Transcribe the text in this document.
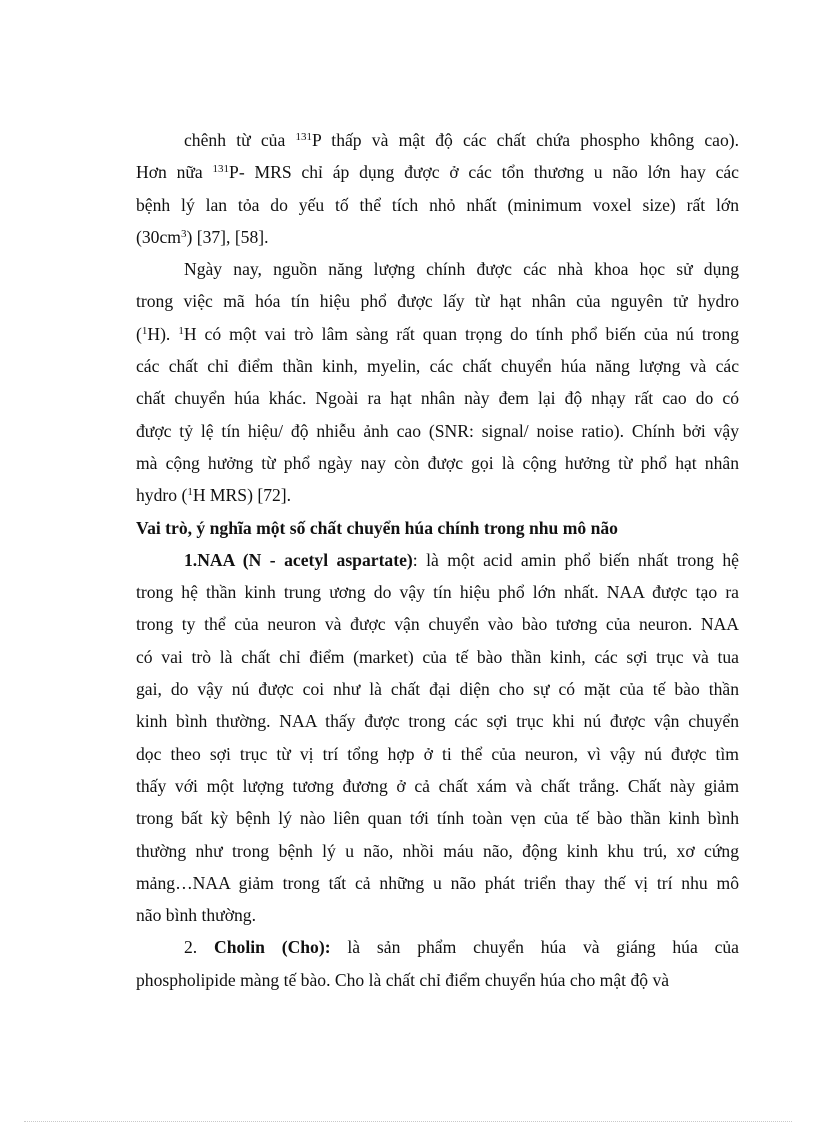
chênh từ của $^{131}$P thấp và mật độ các chất chứa phospho không cao).
Hơn nữa $^{131}$P- MRS chỉ áp dụng được ở các tổn thương u não lớn hay các
bệnh lý lan tỏa do yếu tố thể tích nhỏ nhất (minimum voxel size) rất lớn
$(30cm^3)$ [37], [58].
Ngày nay, nguồn năng lượng chính được các nhà khoa học sử dụng
trong việc mã hóa tín hiệu phổ được lấy từ hạt nhân của nguyên tử hydro
($^1$H). $^1$H có một vai trò lâm sàng rất quan trọng do tính phổ biến của nú trong
các chất chỉ điểm thần kinh, myelin, các chất chuyển húa năng lượng và các
chất chuyển húa khác. Ngoài ra hạt nhân này đem lại độ nhạy rất cao do có
được tỷ lệ tín hiệu/ độ nhiễu ảnh cao (SNR: signal/ noise ratio). Chính bởi vậy
mà cộng hưởng từ phổ ngày nay còn được gọi là cộng hưởng từ phổ hạt nhân
hydro ($^1$H MRS) [72].
Vai trò, ý nghĩa một số chất chuyển húa chính trong nhu mô não
1.NAA (N - acetyl aspartate): là một acid amin phổ biến nhất trong hệ
trong hệ thần kinh trung ương do vậy tín hiệu phổ lớn nhất. NAA được tạo ra
trong ty thể của neuron và được vận chuyển vào bào tương của neuron. NAA
có vai trò là chất chỉ điểm (market) của tế bào thần kinh, các sợi trục và tua
gai, do vậy nú được coi như là chất đại diện cho sự có mặt của tế bào thần
kinh bình thường. NAA thấy được trong các sợi trục khi nú được vận chuyển
dọc theo sợi trục từ vị trí tổng hợp ở ti thể của neuron, vì vậy nú được tìm
thấy với một lượng tương đương ở cả chất xám và chất trắng. Chất này giảm
trong bất kỳ bệnh lý nào liên quan tới tính toàn vẹn của tế bào thần kinh bình
thường như trong bệnh lý u não, nhồi máu não, động kinh khu trú, xơ cứng
mảng…NAA giảm trong tất cả những u não phát triển thay thế vị trí nhu mô
não bình thường.
2. Cholin (Cho): là sản phẩm chuyển húa và giáng húa của
phospholipide màng tế bào. Cho là chất chỉ điểm chuyển húa cho mật độ và
